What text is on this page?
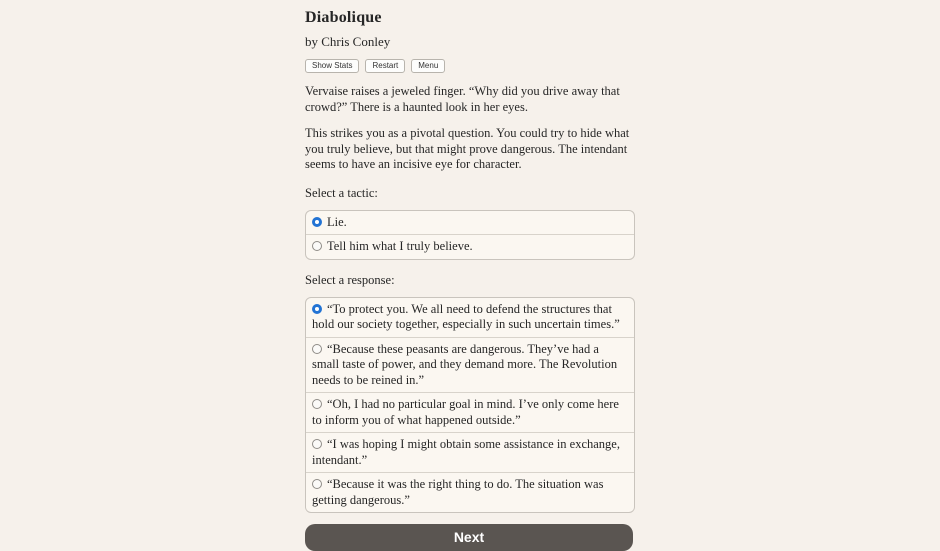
Diabolique
by Chris Conley
Show Stats	Restart	Menu

Vervaise raises a jeweled finger. “Why did you drive away that crowd?” There is a haunted look in her eyes.

This strikes you as a pivotal question. You could try to hide what you truly believe, but that might prove dangerous. The intendant seems to have an incisive eye for character.

Select a tactic:
Lie.
Tell him what I truly believe.
Select a response:
“To protect you. We all need to defend the structures that hold our society together, especially in such uncertain times.”
“Because these peasants are dangerous. They’ve had a small taste of power, and they demand more. The Revolution needs to be reined in.”
“Oh, I had no particular goal in mind. I’ve only come here to inform you of what happened outside.”
“I was hoping I might obtain some assistance in exchange, intendant.”
“Because it was the right thing to do. The situation was getting dangerous.”
Next
